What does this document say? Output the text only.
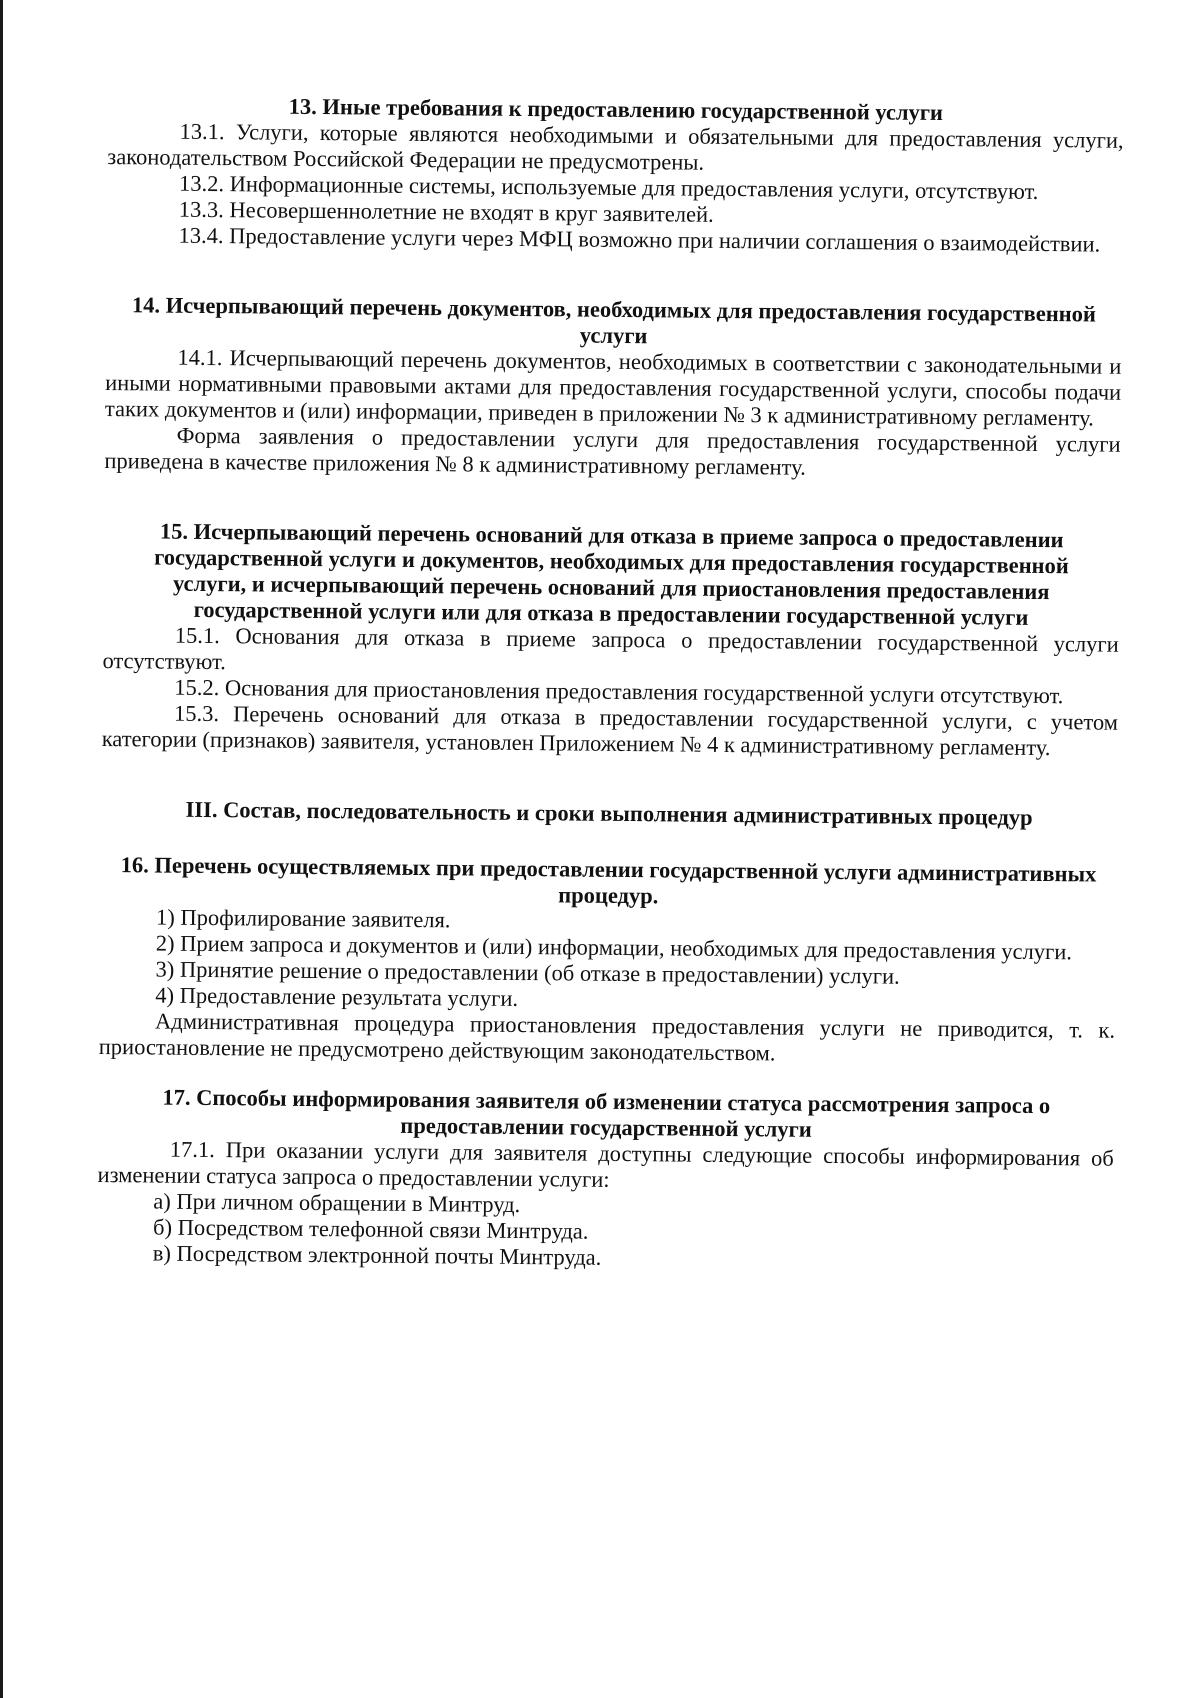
13. Иные требования к предоставлению государственной услуги

13.1. Услуги, которые являются необходимыми и обязательными для предоставления услуги, законодательством Российской Федерации не предусмотрены.

13.2. Информационные системы, используемые для предоставления услуги, отсутствуют.

13.3. Несовершеннолетние не входят в круг заявителей.

13.4. Предоставление услуги через МФЦ возможно при наличии соглашения о взаимодействии.

14. Исчерпывающий перечень документов, необходимых для предоставления государственной услуги

14.1. Исчерпывающий перечень документов, необходимых в соответствии с законодательными и иными нормативными правовыми актами для предоставления государственной услуги, способы подачи таких документов и (или) информации, приведен в приложении № 3 к административному регламенту.

Форма заявления о предоставлении услуги для предоставления государственной услуги приведена в качестве приложения № 8 к административному регламенту.

15. Исчерпывающий перечень оснований для отказа в приеме запроса о предоставлении государственной услуги и документов, необходимых для предоставления государственной услуги, и исчерпывающий перечень оснований для приостановления предоставления государственной услуги или для отказа в предоставлении государственной услуги

15.1. Основания для отказа в приеме запроса о предоставлении государственной услуги отсутствуют.

15.2. Основания для приостановления предоставления государственной услуги отсутствуют.

15.3. Перечень оснований для отказа в предоставлении государственной услуги, с учетом категории (признаков) заявителя, установлен Приложением № 4 к административному регламенту.

III. Состав, последовательность и сроки выполнения административных процедур
16. Перечень осуществляемых при предоставлении государственной услуги административных процедур.

1) Профилирование заявителя.

2) Прием запроса и документов и (или) информации, необходимых для предоставления услуги.

3) Принятие решение о предоставлении (об отказе в предоставлении) услуги.

4) Предоставление результата услуги.

Административная процедура приостановления предоставления услуги не приводится, т. к. приостановление не предусмотрено действующим законодательством.

17. Способы информирования заявителя об изменении статуса рассмотрения запроса о предоставлении государственной услуги

17.1. При оказании услуги для заявителя доступны следующие способы информирования об изменении статуса запроса о предоставлении услуги:

а) При личном обращении в Минтруд.

б) Посредством телефонной связи Минтруда.

в) Посредством электронной почты Минтруда.
